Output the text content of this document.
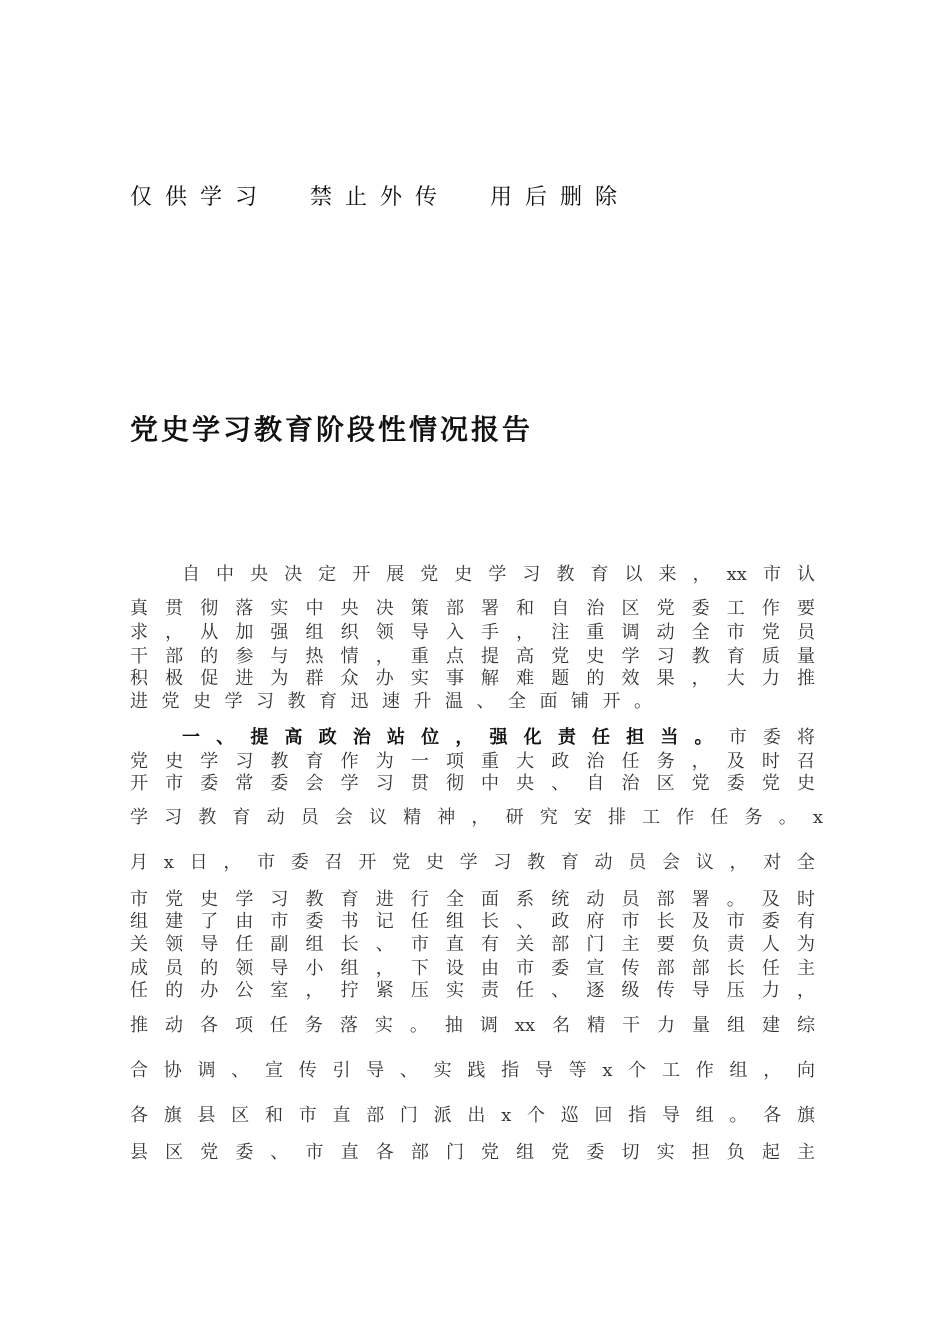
仅供学习  禁止外传  用后删除
党史学习教育阶段性情况报告
自中央决定开展党史学习教育以来，xx市认
真贯彻落实中央决策部署和自治区党委工作要
求，从加强组织领导入手，注重调动全市党员
干部的参与热情，重点提高党史学习教育质量
积极促进为群众办实事解难题的效果，大力推
进党史学习教育迅速升温、全面铺开。
一、提高政治站位，强化责任担当。市委将
党史学习教育作为一项重大政治任务，及时召
开市委常委会学习贯彻中央、自治区党委党史
学习教育动员会议精神，研究安排工作任务。x
月x日，市委召开党史学习教育动员会议，对全
市党史学习教育进行全面系统动员部署。及时
组建了由市委书记任组长、政府市长及市委有
关领导任副组长、市直有关部门主要负责人为
成员的领导小组，下设由市委宣传部部长任主
任的办公室，拧紧压实责任、逐级传导压力，
推动各项任务落实。抽调xx名精干力量组建综
合协调、宣传引导、实践指导等x个工作组，向
各旗县区和市直部门派出x个巡回指导组。各旗
县区党委、市直各部门党组党委切实担负起主
